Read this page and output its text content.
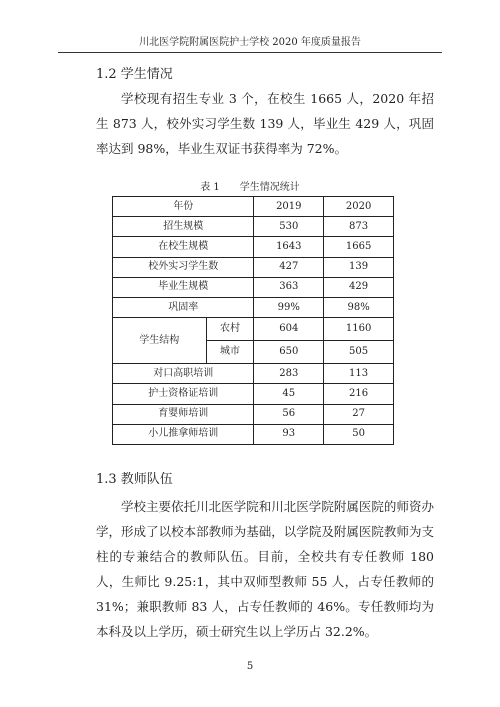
川北医学院附属医院护士学校 2020 年度质量报告
1.2 学生情况

学校现有招生专业 3 个，在校生 1665 人，2020 年招生 873 人，校外实习学生数 139 人，毕业生 429 人，巩固率达到 98%，毕业生双证书获得率为 72%。

表 1　　学生情况统计
年份		2019	2020
招生规模		530	873
在校生规模		1643	1665
校外实习学生数		427	139
毕业生规模		363	429
巩固率		99%	98%
学生结构	农村	604	1160
	城市	650	505
对口高职培训		283	113
护士资格证培训		45	216
育婴师培训		56	27
小儿推拿师培训		93	50
1.3 教师队伍

学校主要依托川北医学院和川北医学院附属医院的师资办学，形成了以校本部教师为基础，以学院及附属医院教师为支柱的专兼结合的教师队伍。目前，全校共有专任教师 180 人，生师比 9.25:1，其中双师型教师 55 人，占专任教师的 31%；兼职教师 83 人，占专任教师的 46%。专任教师均为本科及以上学历，硕士研究生以上学历占 32.2%。

5
